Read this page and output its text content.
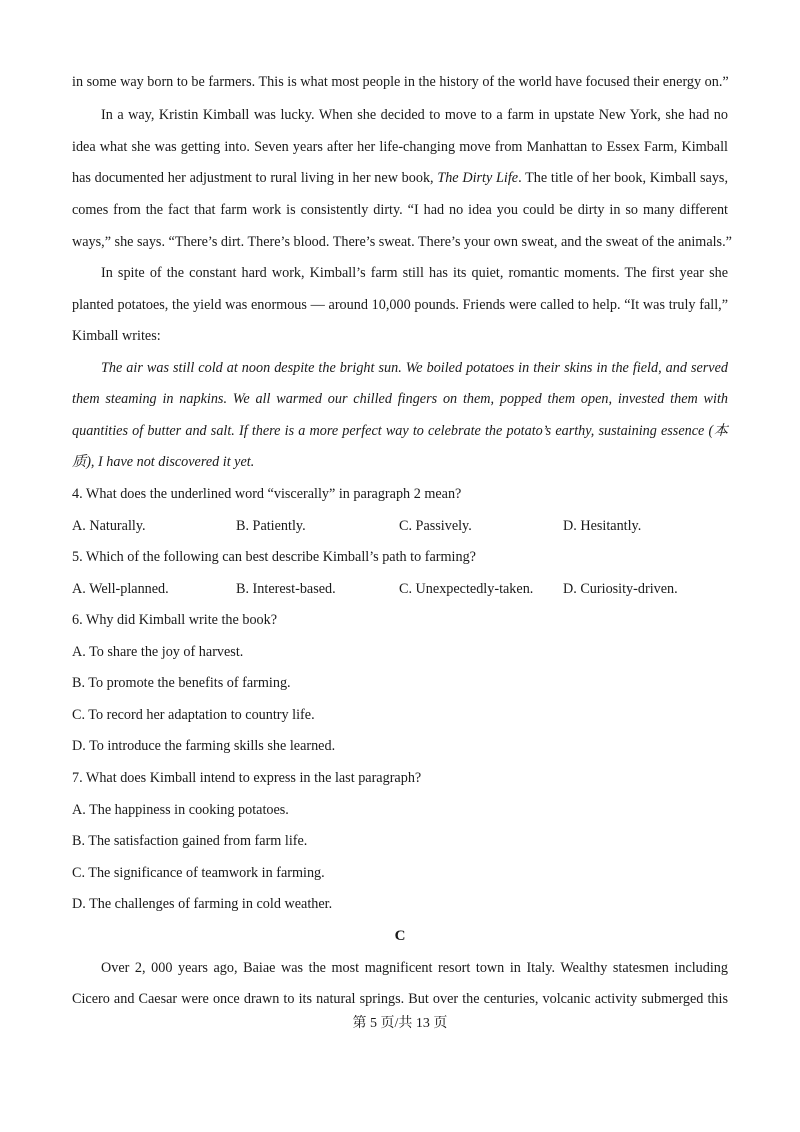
in some way born to be farmers. This is what most people in the history of the world have focused their energy on.”
In a way, Kristin Kimball was lucky. When she decided to move to a farm in upstate New York, she had no
idea what she was getting into. Seven years after her life-changing move from Manhattan to Essex Farm, Kimball
has documented her adjustment to rural living in her new book, The Dirty Life. The title of her book, Kimball says,
comes from the fact that farm work is consistently dirty. “I had no idea you could be dirty in so many different
ways,” she says. “There’s dirt. There’s blood. There’s sweat. There’s your own sweat, and the sweat of the animals.”
In spite of the constant hard work, Kimball’s farm still has its quiet, romantic moments. The first year she
planted potatoes, the yield was enormous — around 10,000 pounds. Friends were called to help. “It was truly fall,”
Kimball writes:
The air was still cold at noon despite the bright sun. We boiled potatoes in their skins in the field, and served
them steaming in napkins. We all warmed our chilled fingers on them, popped them open, invested them with
quantities of butter and salt. If there is a more perfect way to celebrate the potato’s earthy, sustaining essence (本
质), I have not discovered it yet.
4. What does the underlined word “viscerally” in paragraph 2 mean?
A. Naturally.	B. Patiently.	C. Passively.	D. Hesitantly.
5. Which of the following can best describe Kimball’s path to farming?
A. Well-planned.	B. Interest-based.	C. Unexpectedly-taken. D. Curiosity-driven.
6. Why did Kimball write the book?
A. To share the joy of harvest.
B. To promote the benefits of farming.
C. To record her adaptation to country life.
D. To introduce the farming skills she learned.
7. What does Kimball intend to express in the last paragraph?
A. The happiness in cooking potatoes.
B. The satisfaction gained from farm life.
C. The significance of teamwork in farming.
D. The challenges of farming in cold weather.
C
Over 2, 000 years ago, Baiae was the most magnificent resort town in Italy. Wealthy statesmen including
Cicero and Caesar were once drawn to its natural springs. But over the centuries, volcanic activity submerged this
第 5 页/共 13 页
